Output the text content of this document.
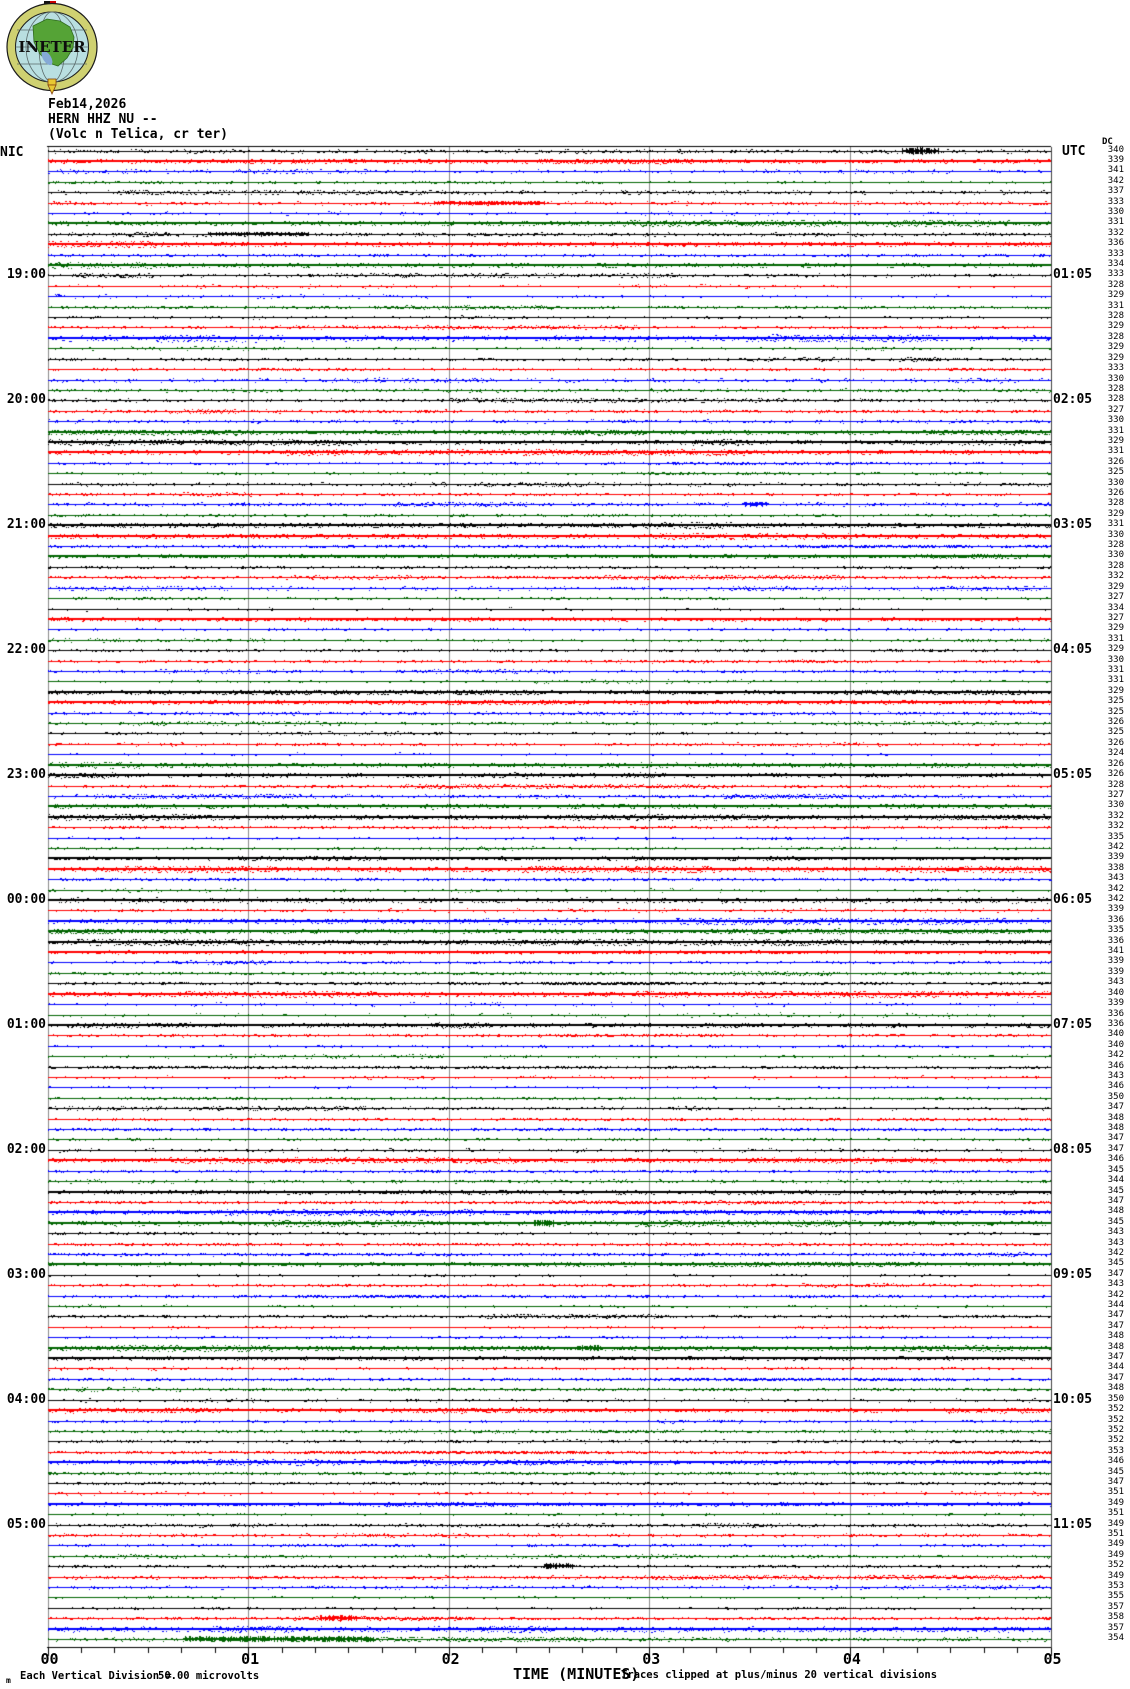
19:00
20:00
21:00
22:00
23:00
00:00
01:00
02:00
03:00
04:00
05:00
01:05
02:05
03:05
04:05
05:05
06:05
07:05
08:05
09:05
10:05
11:05
340
339
341
342
337
333
330
331
332
336
333
334
333
328
329
331
328
329
328
329
329
333
330
328
328
327
330
331
329
331
326
325
330
326
328
329
331
330
328
330
328
332
329
327
334
327
329
331
329
330
331
331
329
325
325
326
325
326
324
326
326
328
327
330
332
332
335
342
339
338
343
342
342
339
336
335
336
341
339
339
343
340
339
336
336
340
340
342
346
343
346
350
347
348
348
347
347
346
345
344
345
347
348
345
343
343
342
345
347
343
342
344
347
347
348
348
347
344
347
348
350
352
352
352
352
353
346
345
347
351
349
351
349
351
349
349
352
349
353
355
357
358
357
354
00	01	02	03	04	05
TIME (MINUTES)
Traces clipped at plus/minus 20 vertical divisions
m Each Vertical Division =
50.00 microvolts
